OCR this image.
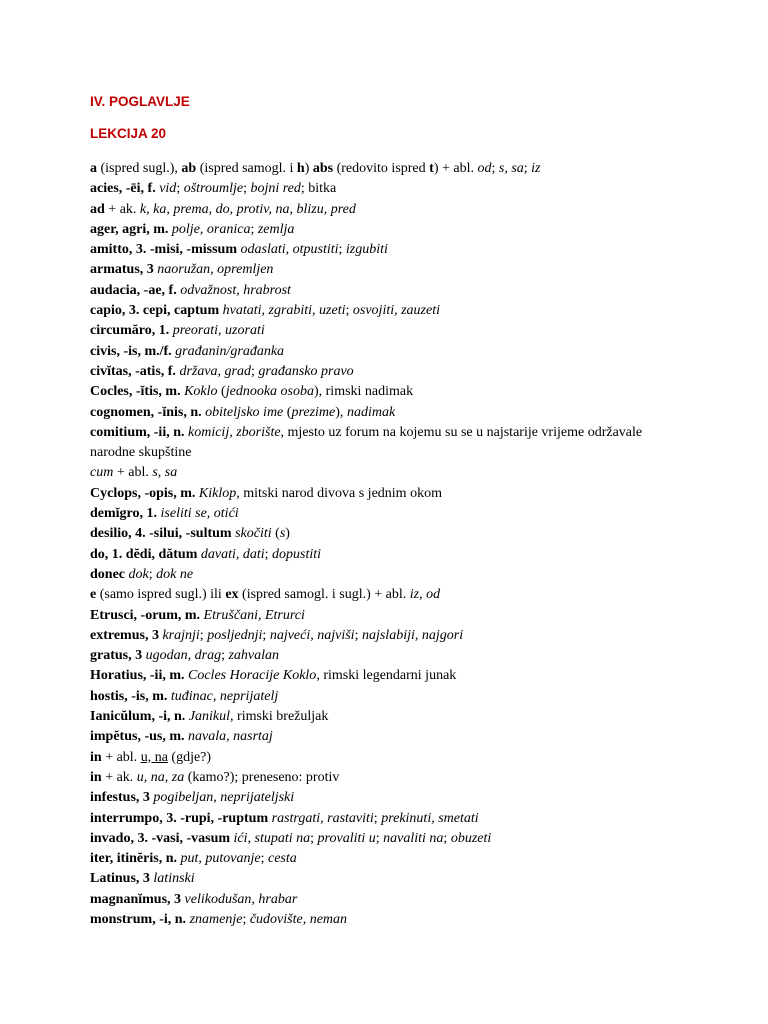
IV. POGLAVLJE
LEKCIJA 20

a (ispred sugl.), ab (ispred samogl. i h) abs (redovito ispred t) + abl. od; s, sa; iz

acies, -ēi, f. vid; oštroumlje; bojni red; bitka

ad + ak. k, ka, prema, do, protiv, na, blizu, pred

ager, agri, m. polje, oranica; zemlja

amitto, 3. -misi, -missum odaslati, otpustiti; izgubiti

armatus, 3 naoružan, opremljen

audacia, -ae, f. odvažnost, hrabrost

capio, 3. cepi, captum hvatati, zgrabiti, uzeti; osvojiti, zauzeti

circumăro, 1. preorati, uzorati

civis, -is, m./f. građanin/građanka

civĭtas, -atis, f. država, grad; građansko pravo

Cocles, -ĭtis, m. Koklo (jednooka osoba), rimski nadimak

cognomen, -ĭnis, n. obiteljsko ime (prezime), nadimak

comitium, -ii, n. komicij, zborište, mjesto uz forum na kojemu su se u najstarije vrijeme održavale narodne skupštine

cum + abl. s, sa

Cyclops, -opis, m. Kiklop, mitski narod divova s jednim okom

demĭgro, 1. iseliti se, otići

desilio, 4. -silui, -sultum skočiti (s)

do, 1. dĕdi, dătum davati, dati; dopustiti

donec dok; dok ne

e (samo ispred sugl.) ili ex (ispred samogl. i sugl.) + abl. iz, od

Etrusci, -orum, m. Etruščani, Etrurci

extremus, 3 krajnji; posljednji; najveći, najviši; najslabiji, najgori

gratus, 3 ugodan, drag; zahvalan

Horatius, -ii, m. Cocles Horacije Koklo, rimski legendarni junak

hostis, -is, m. tuđinac, neprijatelj

Ianicŭlum, -i, n. Janikul, rimski brežuljak

impĕtus, -us, m. navala, nasrtaj

in + abl. u, na (gdje?)

in + ak. u, na, za (kamo?); preneseno: protiv

infestus, 3 pogibeljan, neprijateljski

interrumpo, 3. -rupi, -ruptum rastrgati, rastaviti; prekinuti, smetati

invado, 3. -vasi, -vasum ići, stupati na; provaliti u; navaliti na; obuzeti

iter, itinĕris, n. put, putovanje; cesta

Latinus, 3 latinski

magnanĭmus, 3 velikodušan, hrabar

monstrum, -i, n. znamenje; čudovište, neman
